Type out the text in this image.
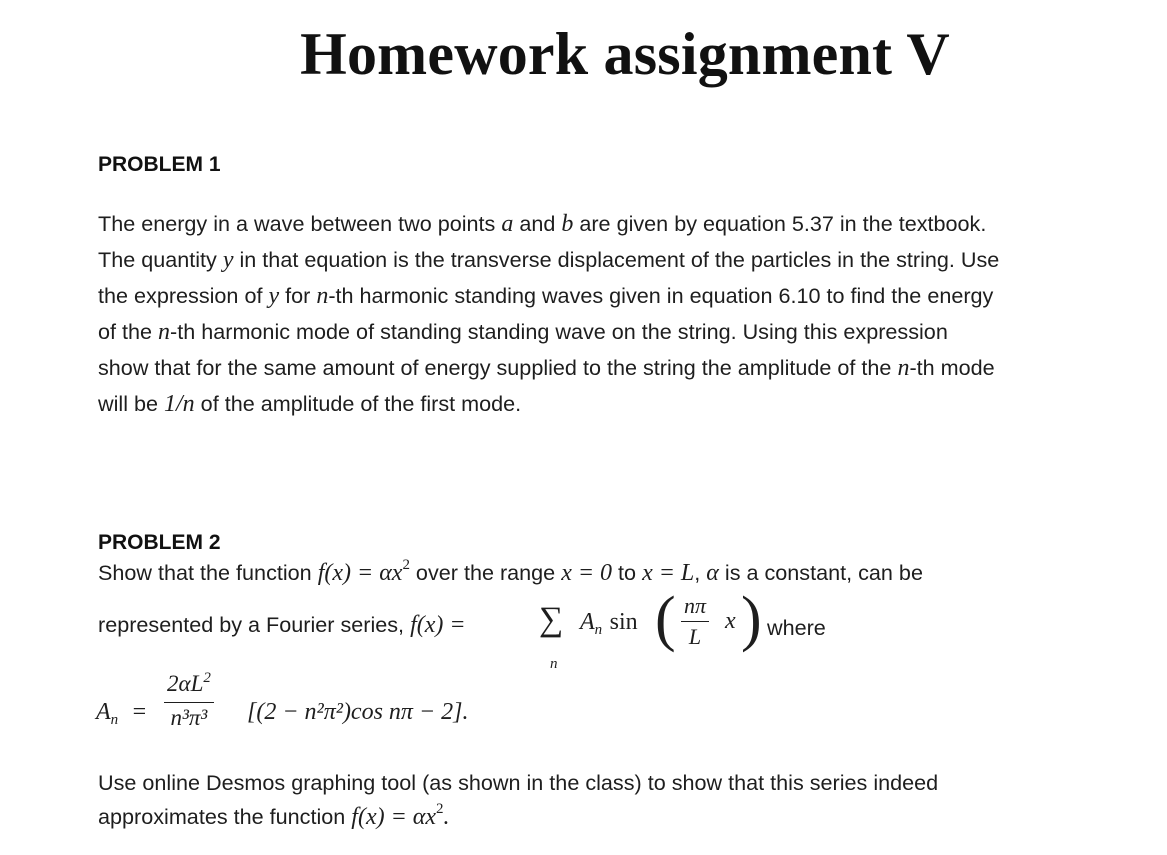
Homework assignment V
PROBLEM 1
The energy in a wave between two points a and b are given by equation 5.37 in the textbook.
The quantity y in that equation is the transverse displacement of the particles in the string. Use
the expression of y for n-th harmonic standing waves given in equation 6.10 to find the energy
of the n-th harmonic mode of standing standing wave on the string. Using this expression
show that for the same amount of energy supplied to the string the amplitude of the n-th mode
will be 1/n of the amplitude of the first mode.
PROBLEM 2
Show that the function $f(x) = \alpha x^2$ over the range x = 0 to x = L, α is a constant, can be
represented by a Fourier series, f(x) = ∑
n
An sin ( $\frac{n\pi}{L}$ x ) where
$An = \frac{2\alpha L^2}{\text{n³π³}} [(2 - n^2\pi^2)\cos$ nπ − 2].
Use online Desmos graphing tool (as shown in the class) to show that this series indeed
approximates the function $f(x) = \alpha x^2$.
